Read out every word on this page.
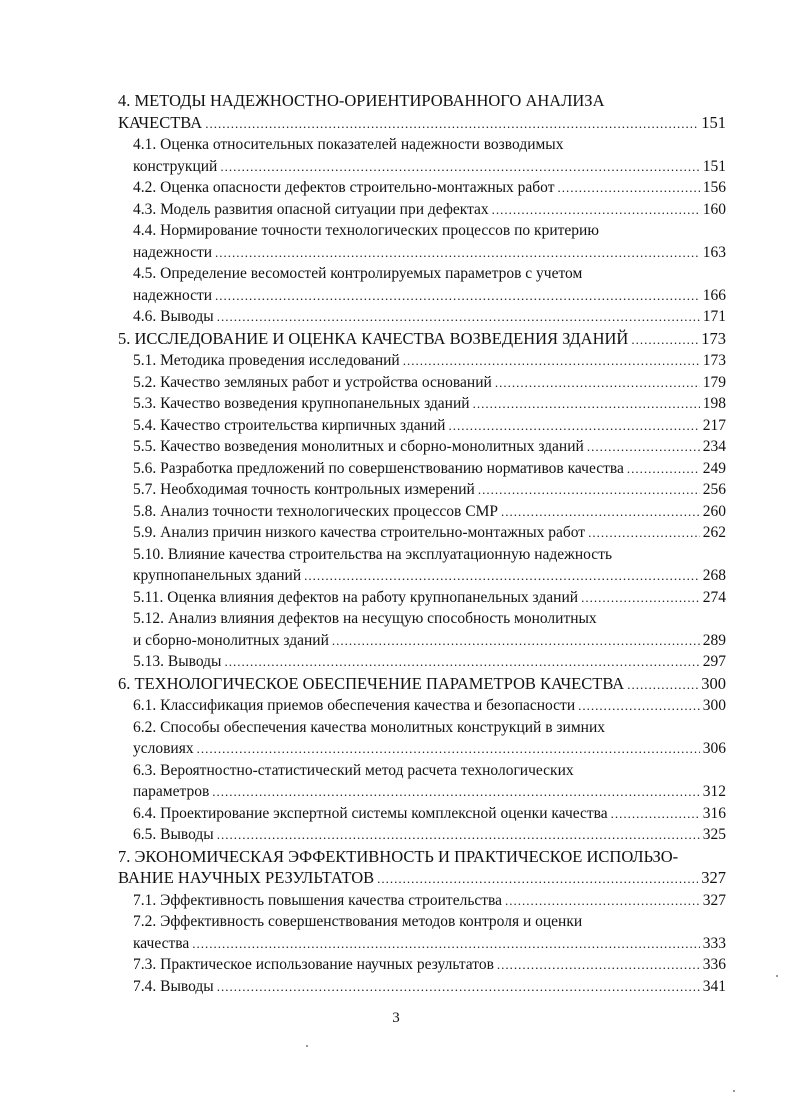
4. МЕТОДЫ НАДЕЖНОСТНО-ОРИЕНТИРОВАННОГО АНАЛИЗА
КАЧЕСТВА .....	151
4.1. Оценка относительных показателей надежности возводимых
конструкций .....	151
4.2. Оценка опасности дефектов строительно-монтажных работ .....	156
4.3. Модель развития опасной ситуации при дефектах .....	160
4.4. Нормирование точности технологических процессов по критерию
надежности .....	163
4.5. Определение весомостей контролируемых параметров с учетом
надежности .....	166
4.6. Выводы .....	171
5. ИССЛЕДОВАНИЕ И ОЦЕНКА КАЧЕСТВА ВОЗВЕДЕНИЯ ЗДАНИЙ .....	173
5.1. Методика проведения исследований .....	173
5.2. Качество земляных работ и устройства оснований .....	179
5.3. Качество возведения крупнопанельных зданий .....	198
5.4. Качество строительства кирпичных зданий .....	217
5.5. Качество возведения монолитных и сборно-монолитных зданий .....	234
5.6. Разработка предложений по совершенствованию нормативов качества .....	249
5.7. Необходимая точность контрольных измерений .....	256
5.8. Анализ точности технологических процессов СМР .....	260
5.9. Анализ причин низкого качества строительно-монтажных работ .....	262
5.10. Влияние качества строительства на эксплуатационную надежность
крупнопанельных зданий .....	268
5.11. Оценка влияния дефектов на работу крупнопанельных зданий .....	274
5.12. Анализ влияния дефектов на несущую способность монолитных
и сборно-монолитных зданий .....	289
5.13. Выводы .....	297
6. ТЕХНОЛОГИЧЕСКОЕ ОБЕСПЕЧЕНИЕ ПАРАМЕТРОВ КАЧЕСТВА .....	300
6.1. Классификация приемов обеспечения качества и безопасности .....	300
6.2. Способы обеспечения качества монолитных конструкций в зимних
условиях .....	306
6.3. Вероятностно-статистический метод расчета технологических
параметров .....	312
6.4. Проектирование экспертной системы комплексной оценки качества .....	316
6.5. Выводы .....	325
7. ЭКОНОМИЧЕСКАЯ ЭФФЕКТИВНОСТЬ И ПРАКТИЧЕСКОЕ ИСПОЛЬЗО-
ВАНИЕ НАУЧНЫХ РЕЗУЛЬТАТОВ .....	327
7.1. Эффективность повышения качества строительства .....	327
7.2. Эффективность совершенствования методов контроля и оценки
качества .....	333
7.3. Практическое использование научных результатов .....	336
7.4. Выводы .....	341
3
